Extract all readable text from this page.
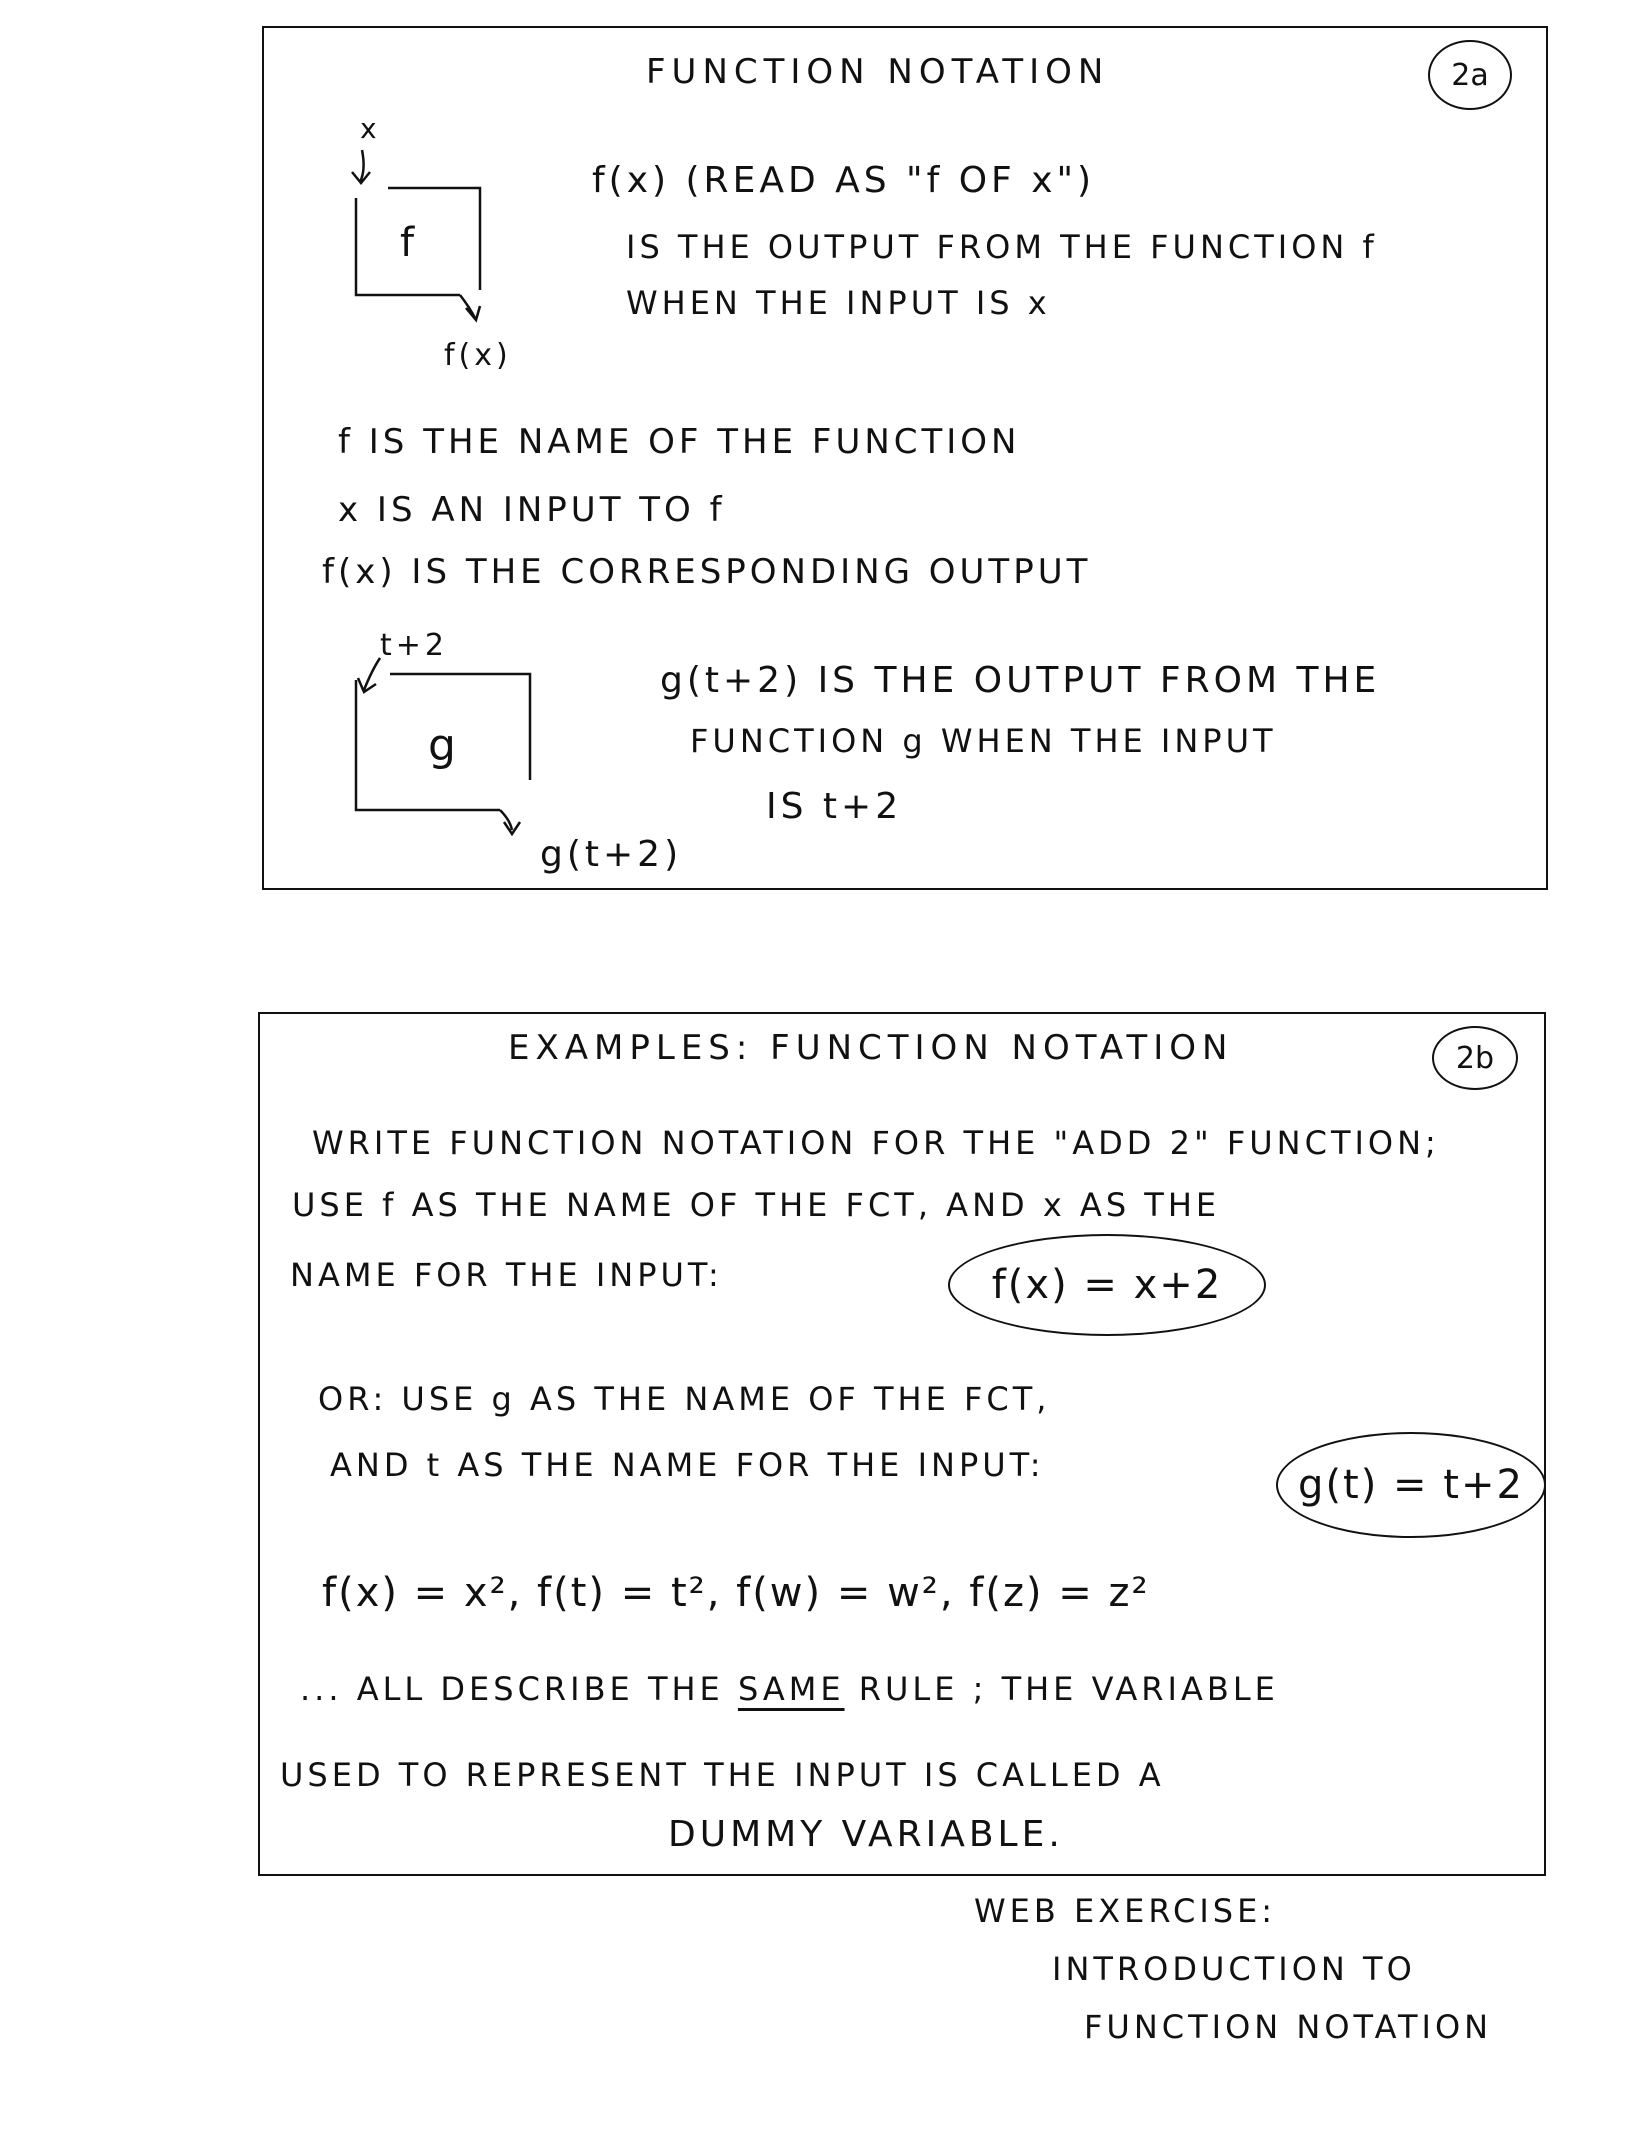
FUNCTION NOTATION	2a
x
f
f(x)
f(x) (READ AS "f OF x")
IS THE OUTPUT FROM THE FUNCTION f
WHEN THE INPUT IS x
f IS THE NAME OF THE FUNCTION
x IS AN INPUT TO f
f(x) IS THE CORRESPONDING OUTPUT
t+2
g
g(t+2)
g(t+2) IS THE OUTPUT FROM THE
FUNCTION g WHEN THE INPUT
IS t+2
EXAMPLES: FUNCTION NOTATION	2b
WRITE FUNCTION NOTATION FOR THE "ADD 2" FUNCTION;
USE f AS THE NAME OF THE FCT, AND x AS THE
NAME FOR THE INPUT:	f(x) = x+2
OR: USE g AS THE NAME OF THE FCT,
AND t AS THE NAME FOR THE INPUT:	g(t) = t+2
f(x) = x², f(t) = t², f(w) = w², f(z) = z²
... ALL DESCRIBE THE SAME RULE ; THE VARIABLE
USED TO REPRESENT THE INPUT IS CALLED A
DUMMY VARIABLE.
WEB EXERCISE:
INTRODUCTION TO
FUNCTION NOTATION
